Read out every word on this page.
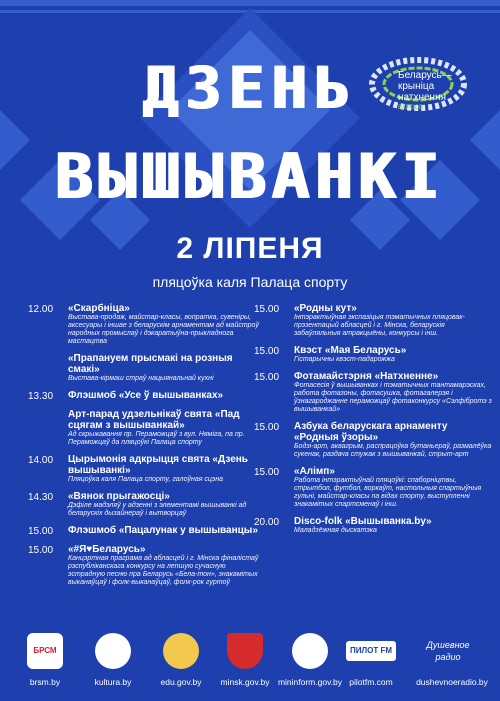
Беларусь—
крыніца
натхнення
EXPOCB
ДЗЕНЬ
ВЫШЫВАНКІ
2 ЛІПЕНЯ
пляцоўка каля Палаца спорту
12.00	«Скарбніца»
Выстава-продаж, майстар-класы, вопратка, сувеніры, аксесуары і іншае з беларускім арнаментам ад майстроў народных промыслаў і дэкаратыўна-прыкладнога мастацтва
«Прапануем прысмакі на розныя смакі»
Выстава-кірмаш страў нацыянальнай кухні
13.30	Флэшмоб «Усе ў вышыванках»
Арт-парад удзельнікаў свята «Пад сцягам з вышыванкай»
Ад скрыжавання пр. Пераможцаў з вул. Няміга, па пр. Пераможцаў да пляцоўкі Палаца спорту
14.00	Цырымонія адкрыцця свята «Дзень вышыванкі»
Пляцоўка каля Палаца спорту, галоўная сцэна
14.30	«Вянок прыгажосці»
Дэфіле мадэляў у адзенні з элементамі вышыванкі ад беларускіх дызайнераў і вытворцаў
15.00	Флэшмоб «Пацалунак у вышыванцы»
15.00	«#Я♥Беларусь»
Канцэртная праграма ад абласцей і г. Мінска фіналістаў рэспубліканскага конкурсу на лепшую сучасную эстрадную песню пра Беларусь «Бела-тон», знакамітых выканаўцаў і фолк-выканаўцаў, фолк-рок гуртоў
15.00	«Родны кут»
Інтэрактыўная экспазіцыя тэматычных пляцовак-прэзентацый абласцей і г. Мінска, беларускія забаўляльныя атракцыёны, конкурсы і інш.
15.00	Квэст «Мая Беларусь»
Гістарычны квэст-падарожжа
15.00	Фотамайстэрня «Натхненне»
Фотасесія ў вышыванках і тэматычных тантамарэсках, работа фотазоны, фотасушка, фотагалерэя і ўзнагароджанне пераможцаў фотаконкурсу «Сэлфібротэ з вышыванкай»
15.00	Азбука беларускага арнаменту «Родныя ўзоры»
Бодзі-арт, аквагрым, распрацоўка бутаньераў, размалёўка сукенак, раздача стужак з вышыванкай, стрыт-арт
15.00	«Алімп»
Работа інтэрактыўнай пляцоўкі: спаборніцтвы, стрытбол, футбол, воркаўт, настольныя спартыўныя гульні, майстар-класы па відах спорту, выступленні знакамітых спартсменаў і інш.
20.00	Disco-folk «Вышыванка.by»
Маладзёжная дыскатэка
БРСМ	ПИЛОТ FM
Душевное
радио
brsm.by	kultura.by	edu.gov.by	minsk.gov.by mininform.gov.by pilotfm.com	dushevnoeradio.by
